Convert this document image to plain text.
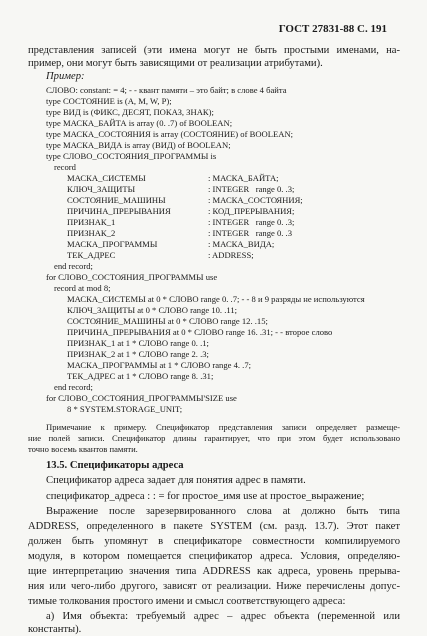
ГОСТ 27831-88 С. 191
представления записей (эти имена могут не быть простыми именами, на-
пример, они могут быть зависящими от реализации атрибутами).
Пример:
СЛОВО: constant: = 4; - - квант памяти – это байт; в слове 4 байта
type СОСТОЯНИЕ is (A, M, W, P);
type ВИД is (ФИКС, ДЕСЯТ, ПОКАЗ, ЗНАК);
type МАСКА_БАЙТА is array (0. .7) of BOOLEAN;
type МАСКА_СОСТОЯНИЯ is array (СОСТОЯНИЕ) of BOOLEAN;
type МАСКА_ВИДА is array (ВИД) of BOOLEAN;
type СЛОВО_СОСТОЯНИЯ_ПРОГРАММЫ is
record
МАСКА_СИСТЕМЫ	: МАСКА_БАЙТА;
КЛЮЧ_ЗАЩИТЫ	: INTEGER   range 0. .3;
СОСТОЯНИЕ_МАШИНЫ	: МАСКА_СОСТОЯНИЯ;
ПРИЧИНА_ПРЕРЫВАНИЯ	: КОД_ПРЕРЫВАНИЯ;
ПРИЗНАК_1	: INTEGER   range 0. .3;
ПРИЗНАК_2	: INTEGER   range 0. .3
МАСКА_ПРОГРАММЫ	: МАСКА_ВИДА;
ТЕК_АДРЕС	: ADDRESS;
end record;
for СЛОВО_СОСТОЯНИЯ_ПРОГРАММЫ use
record at mod 8;
МАСКА_СИСТЕМЫ at 0 * СЛОВО range 0. .7; - - 8 и 9 разряды не используются
КЛЮЧ_ЗАЩИТЫ at 0 * СЛОВО range 10. .11;
СОСТОЯНИЕ_МАШИНЫ at 0 * СЛОВО range 12. .15;
ПРИЧИНА_ПРЕРЫВАНИЯ at 0 * СЛОВО range 16. .31; - - второе слово
ПРИЗНАК_1 at 1 * СЛОВО range 0. .1;
ПРИЗНАК_2 at 1 * СЛОВО range 2. .3;
МАСКА_ПРОГРАММЫ at 1 * СЛОВО range 4. .7;
ТЕК_АДРЕС at 1 * СЛОВО range 8. .31;
end record;
for СЛОВО_СОСТОЯНИЯ_ПРОГРАММЫ'SIZE use
8 * SYSTEM.STORAGE_UNIT;
Примечание к примеру. Спецификатор представления записи определяет размеще-
ние полей записи. Спецификатор длины гарантирует, что при этом будет использовано
точно восемь квантов памяти.
13.5. Спецификаторы адреса
Спецификатор адреса задает для понятия адрес в памяти.
спецификатор_адреса : : = for простое_имя use at простое_выражение;
Выражение после зарезервированного слова at должно быть типа
ADDRESS, определенного в пакете SYSTEM (см. разд. 13.7). Этот пакет
должен быть упомянут в спецификаторе совместности компилируемого
модуля, в котором помещается спецификатор адреса. Условия, определяю-
щие интерпретацию значения типа ADDRESS как адреса, уровень прерыва-
ния или чего-либо другого, зависят от реализации. Ниже перечислены допус-
тимые толкования простого имени и смысл соответствующего адреса:
а) Имя объекта: требуемый адрес – адрес объекта (переменной или
константы).
